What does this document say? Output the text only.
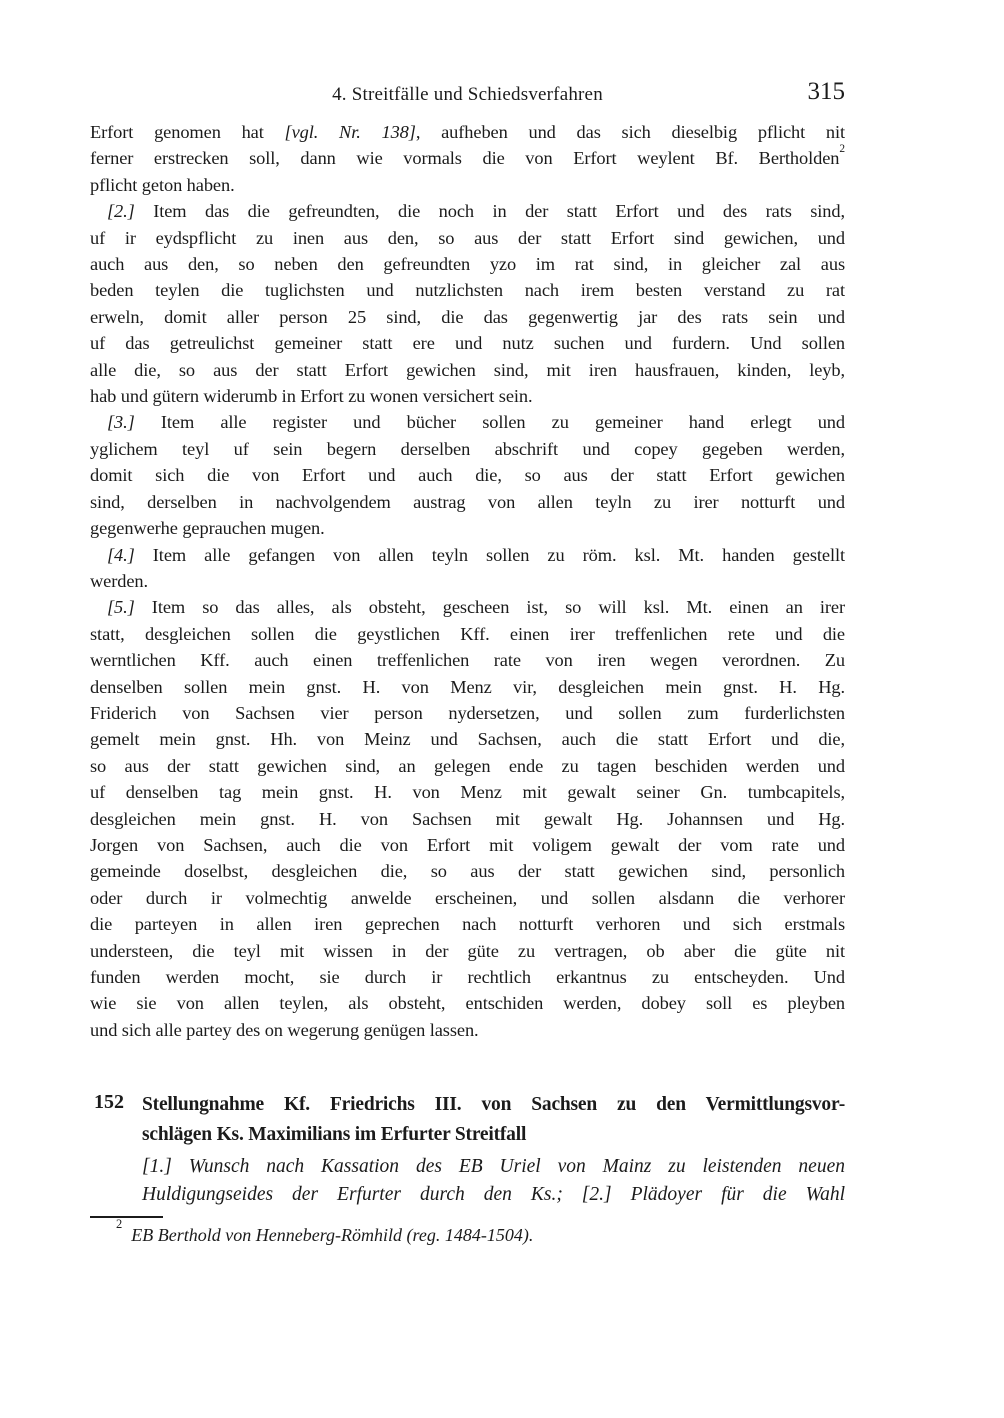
4. Streitfälle und Schiedsverfahren	315
Erfort genomen hat [vgl. Nr. 138], aufheben und das sich dieselbig pflicht nit
ferner erstrecken soll, dann wie vormals die von Erfort weylent Bf. Bertholden$^2$
pflicht geton haben.
[2.] Item das die gefreundten, die noch in der statt Erfort und des rats sind,
uf ir eydspflicht zu inen aus den, so aus der statt Erfort sind gewichen, und
auch aus den, so neben den gefreundten yzo im rat sind, in gleicher zal aus
beden teylen die tuglichsten und nutzlichsten nach irem besten verstand zu rat
erweln, domit aller person 25 sind, die das gegenwertig jar des rats sein und
uf das getreulichst gemeiner statt ere und nutz suchen und furdern. Und sollen
alle die, so aus der statt Erfort gewichen sind, mit iren hausfrauen, kinden, leyb,
hab und gütern widerumb in Erfort zu wonen versichert sein.
[3.] Item alle register und bücher sollen zu gemeiner hand erlegt und
yglichem teyl uf sein begern derselben abschrift und copey gegeben werden,
domit sich die von Erfort und auch die, so aus der statt Erfort gewichen
sind, derselben in nachvolgendem austrag von allen teyln zu irer notturft und
gegenwerhe geprauchen mugen.
[4.] Item alle gefangen von allen teyln sollen zu röm. ksl. Mt. handen gestellt
werden.
[5.] Item so das alles, als obsteht, gescheen ist, so will ksl. Mt. einen an irer
statt, desgleichen sollen die geystlichen Kff. einen irer treffenlichen rete und die
werntlichen Kff. auch einen treffenlichen rate von iren wegen verordnen. Zu
denselben sollen mein gnst. H. von Menz vir, desgleichen mein gnst. H. Hg.
Friderich von Sachsen vier person nydersetzen, und sollen zum furderlichsten
gemelt mein gnst. Hh. von Meinz und Sachsen, auch die statt Erfort und die,
so aus der statt gewichen sind, an gelegen ende zu tagen beschiden werden und
uf denselben tag mein gnst. H. von Menz mit gewalt seiner Gn. tumbcapitels,
desgleichen mein gnst. H. von Sachsen mit gewalt Hg. Johannsen und Hg.
Jorgen von Sachsen, auch die von Erfort mit voligem gewalt der vom rate und
gemeinde doselbst, desgleichen die, so aus der statt gewichen sind, personlich
oder durch ir volmechtig anwelde erscheinen, und sollen alsdann die verhorer
die parteyen in allen iren geprechen nach notturft verhoren und sich erstmals
understeen, die teyl mit wissen in der güte zu vertragen, ob aber die güte nit
funden werden mocht, sie durch ir rechtlich erkantnus zu entscheyden. Und
wie sie von allen teylen, als obsteht, entschiden werden, dobey soll es pleyben
und sich alle partey des on wegerung genügen lassen.
152 Stellungnahme Kf. Friedrichs III. von Sachsen zu den Vermittlungsvor-
schlägen Ks. Maximilians im Erfurter Streitfall
[1.] Wunsch nach Kassation des EB Uriel von Mainz zu leistenden neuen
Huldigungseides der Erfurter durch den Ks.; [2.] Plädoyer für die Wahl
$^2$EB Berthold von Henneberg-Römhild (reg. 1484-1504).
